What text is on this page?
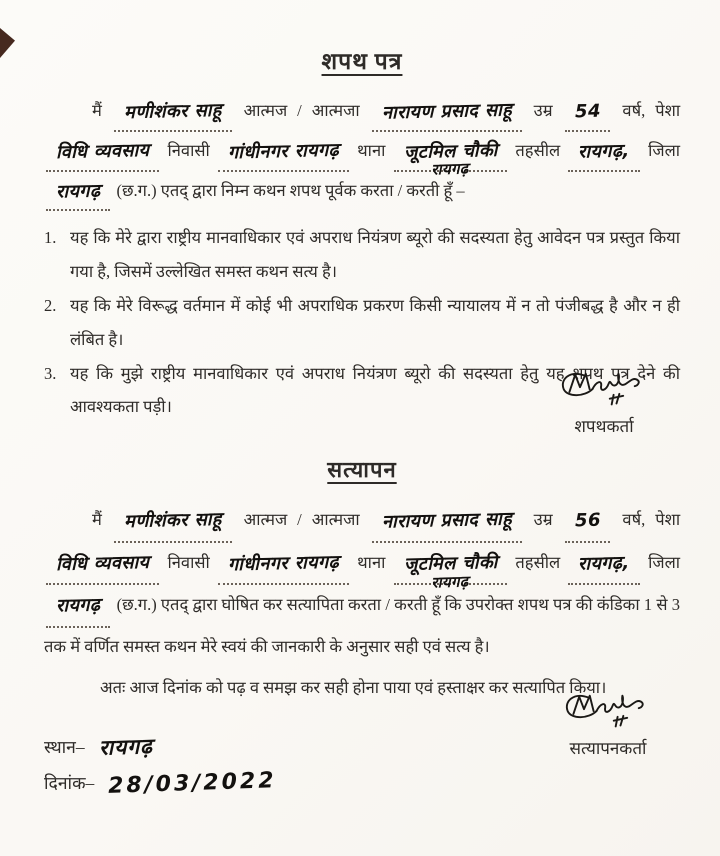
शपथ पत्र

मैं मणीशंकर साहू आत्मज / आत्मजा नारायण प्रसाद साहू उम्र 54 वर्ष, पेशा विधि व्यवसाय निवासी गांधीनगर रायगढ़ थाना जूटमिल चौकी
रायगढ़
तहसील रायगढ़, जिला रायगढ़ (छ.ग.) एतद् द्वारा निम्न कथन शपथ पूर्वक करता / करती हूँ –

1. यह कि मेरे द्वारा राष्ट्रीय मानवाधिकार एवं अपराध नियंत्रण ब्यूरो की सदस्यता हेतु आवेदन पत्र प्रस्तुत किया गया है, जिसमें उल्लेखित समस्त कथन सत्य है।
2. यह कि मेरे विरूद्ध वर्तमान में कोई भी अपराधिक प्रकरण किसी न्यायालय में न तो पंजीबद्ध है और न ही लंबित है।
3. यह कि मुझे राष्ट्रीय मानवाधिकार एवं अपराध नियंत्रण ब्यूरो की सदस्यता हेतु यह शपथ पत्र देने की आवश्यकता पड़ी।
शपथकर्ता
सत्यापन

मैं मणीशंकर साहू आत्मज / आत्मजा नारायण प्रसाद साहू उम्र 56 वर्ष, पेशा विधि व्यवसाय निवासी गांधीनगर रायगढ़ थाना जूटमिल चौकी
रायगढ़
तहसील रायगढ़, जिला रायगढ़ (छ.ग.) एतद् द्वारा घोषित कर सत्यापिता करता / करती हूँ कि उपरोक्त शपथ पत्र की कंडिका 1 से 3 तक में वर्णित समस्त कथन मेरे स्वयं की जानकारी के अनुसार सही एवं सत्य है।

अतः आज दिनांक को पढ़ व समझ कर सही होना पाया एवं हस्ताक्षर कर सत्यापित किया।

सत्यापनकर्ता
स्थान– रायगढ़
दिनांक– 28/03/2022
